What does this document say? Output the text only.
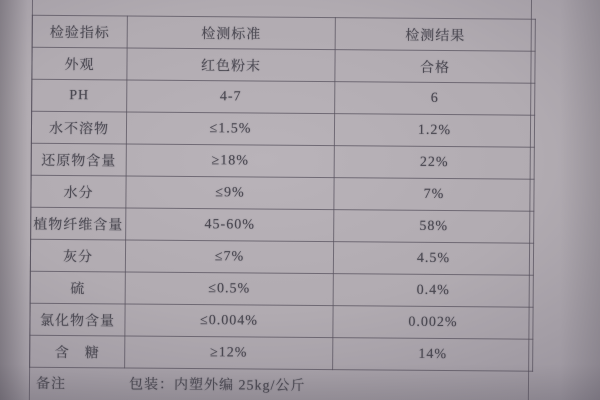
检验指标	检测标准	检测结果
外观	红色粉末	合格
PH	4-7	6
水不溶物	≤1.5%	1.2%
还原物含量	≥18%	22%
水分	≤9%	7%
植物纤维含量	45-60%	58%
灰分	≤7%	4.5%
硫	≤0.5%	0.4%
氯化物含量	≤0.004%	0.002%
含　糖	≥12%	14%
备注	包装：内塑外编 25kg/公斤
